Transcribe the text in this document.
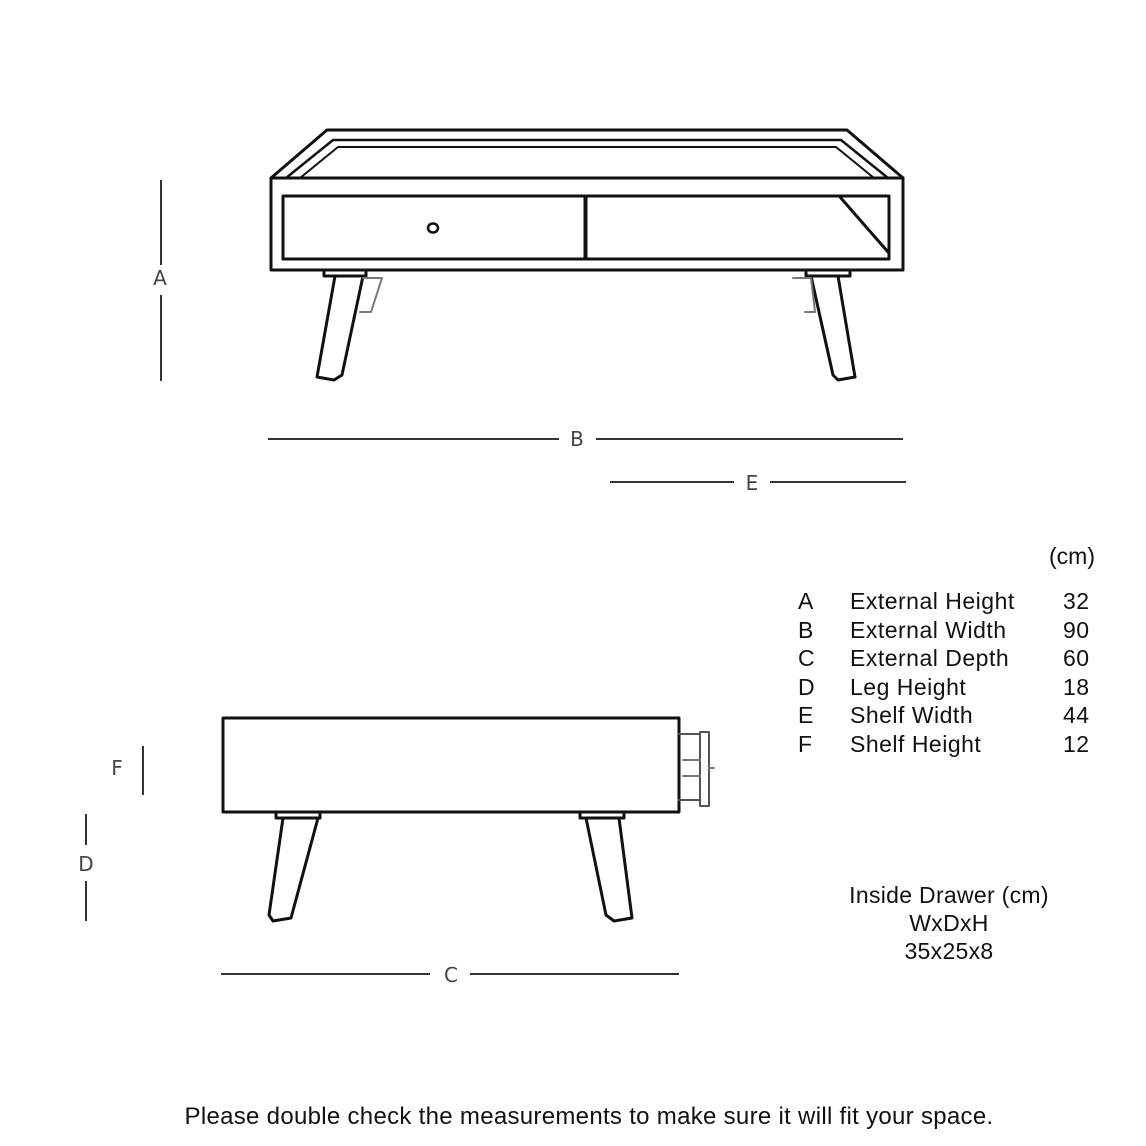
A
B
E
F
D
C
(cm)
A External Height 32
B External Width 90
C External Depth 60
D Leg Height	18
E Shelf Width	44
F Shelf Height	12
Inside Drawer (cm)
WxDxH
35x25x8
Please double check the measurements to make sure it will fit your space.
